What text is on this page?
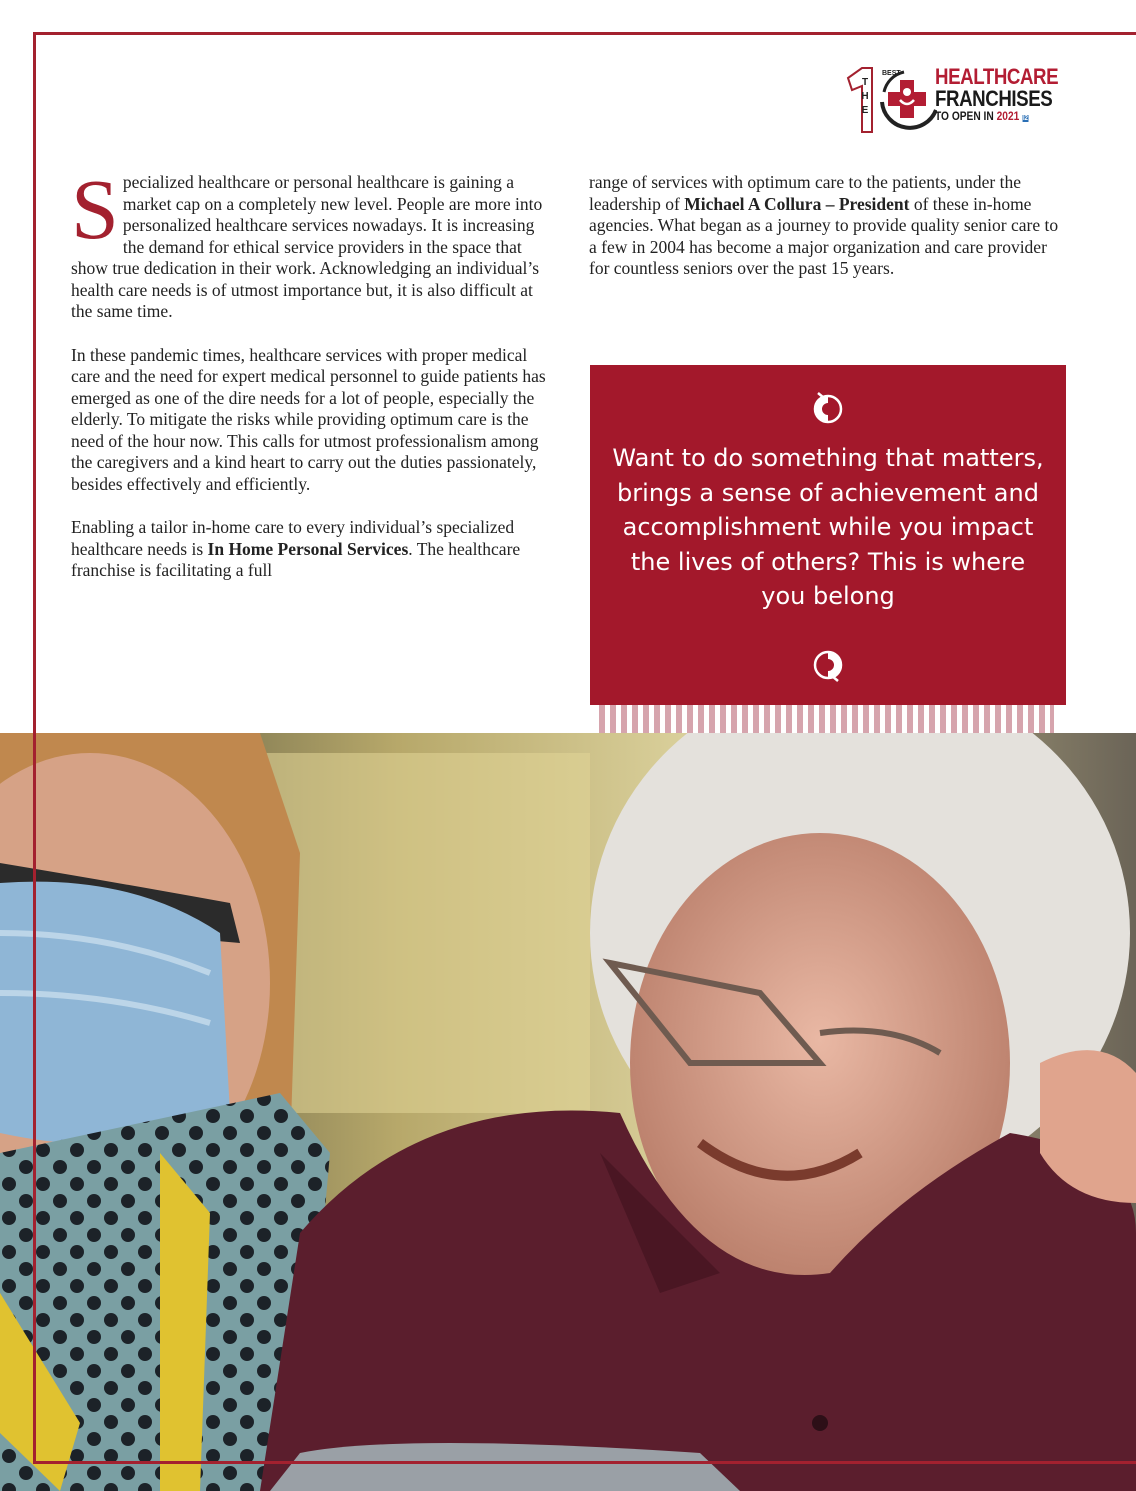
BEST
T
H
E
HEALTHCARE
FRANCHISES
TO OPEN IN 2021 I2

Specialized healthcare or personal healthcare is gaining a market cap on a completely new level. People are more into personalized healthcare services nowadays. It is increasing the demand for ethical service providers in the space that show true dedication in their work. Acknowledging an individual’s health care needs is of utmost importance but, it is also difficult at the same time.

In these pandemic times, healthcare services with proper medical care and the need for expert medical personnel to guide patients has emerged as one of the dire needs for a lot of people, especially the elderly. To mitigate the risks while providing optimum care is the need of the hour now. This calls for utmost professionalism among the caregivers and a kind heart to carry out the duties passionately, besides effectively and efficiently.

Enabling a tailor in-home care to every individual’s specialized healthcare needs is In Home Personal Services. The healthcare franchise is facilitating a full

range of services with optimum care to the patients, under the leadership of Michael A Collura – President of these in-home agencies. What began as a journey to provide quality senior care to a few in 2004 has become a major organization and care provider for countless seniors over the past 15 years.

Want to do something that matters, brings a sense of achievement and accomplishment while you impact the lives of others? This is where you belong
